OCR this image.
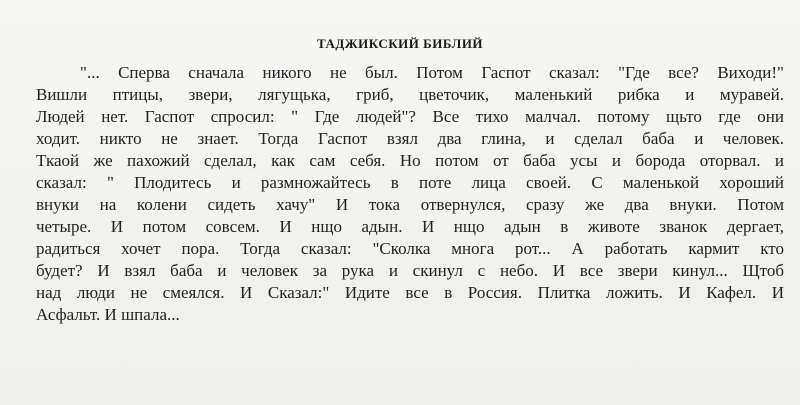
ТАДЖИКСКИЙ БИБЛИЙ
"... Сперва сначала никого не был. Потом Гаспот сказал: "Где все? Виходи!"
Вишли птицы, звери, лягущька, гриб, цветочик, маленький рибка и муравей.
Людей нет. Гаспот спросил: " Где людей"? Все тихо малчал. потому щьто где они
ходит. никто не знает. Тогда Гаспот взял два глина, и сделал баба и человек.
Ткаой же пахожий сделал, как сам себя. Но потом от баба усы и борода оторвал. и
сказал: " Плодитесь и размножайтесь в поте лица своей. С маленькой хороший
внуки на колени сидеть хачу" И тока отвернулся, сразу же два внуки. Потом
четыре. И потом совсем. И нщо адын. И нщо адын в животе званок дергает,
радиться хочет пора. Тогда сказал: "Сколка многа рот... А работать кармит кто
будет? И взял баба и человек за рука и скинул с небо. И все звери кинул... Щтоб
над люди не смеялся. И Сказал:" Идите все в Россия. Плитка ложить. И Кафел. И
Асфальт. И шпала...
